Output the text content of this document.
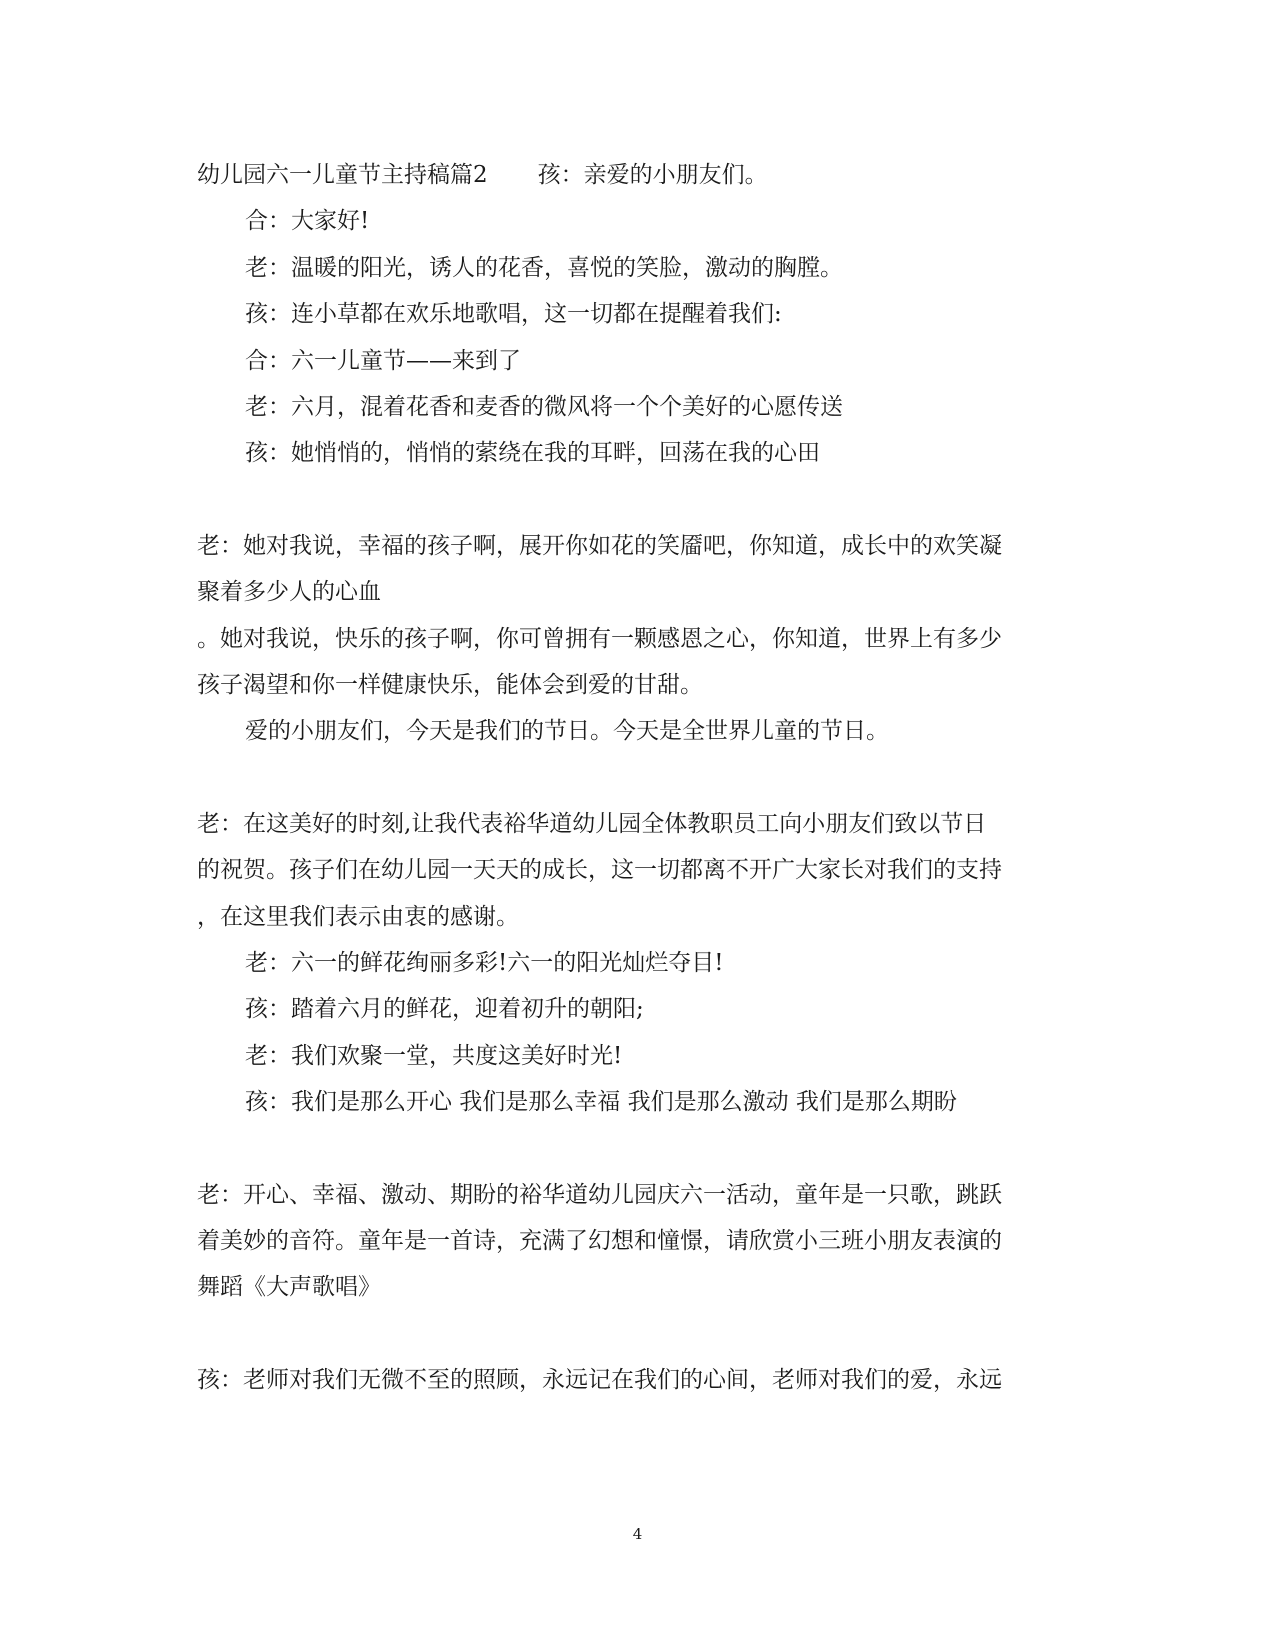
幼儿园六一儿童节主持稿篇2 孩：亲爱的小朋友们。
合：大家好!
老：温暖的阳光，诱人的花香，喜悦的笑脸，激动的胸膛。
孩：连小草都在欢乐地歌唱，这一切都在提醒着我们:
合：六一儿童节——来到了
老：六月，混着花香和麦香的微风将一个个美好的心愿传送
孩：她悄悄的，悄悄的萦绕在我的耳畔，回荡在我的心田
老：她对我说，幸福的孩子啊，展开你如花的笑靥吧，你知道，成长中的欢笑凝
聚着多少人的心血
。她对我说，快乐的孩子啊，你可曾拥有一颗感恩之心，你知道，世界上有多少
孩子渴望和你一样健康快乐，能体会到爱的甘甜。
爱的小朋友们，今天是我们的节日。今天是全世界儿童的节日。
老：在这美好的时刻,让我代表裕华道幼儿园全体教职员工向小朋友们致以节日
的祝贺。孩子们在幼儿园一天天的成长，这一切都离不开广大家长对我们的支持
，在这里我们表示由衷的感谢。
老：六一的鲜花绚丽多彩!六一的阳光灿烂夺目!
孩：踏着六月的鲜花，迎着初升的朝阳;
老：我们欢聚一堂，共度这美好时光!
孩：我们是那么开心 我们是那么幸福 我们是那么激动 我们是那么期盼
老：开心、幸福、激动、期盼的裕华道幼儿园庆六一活动，童年是一只歌，跳跃
着美妙的音符。童年是一首诗，充满了幻想和憧憬，请欣赏小三班小朋友表演的
舞蹈《大声歌唱》
孩：老师对我们无微不至的照顾，永远记在我们的心间，老师对我们的爱，永远
4
